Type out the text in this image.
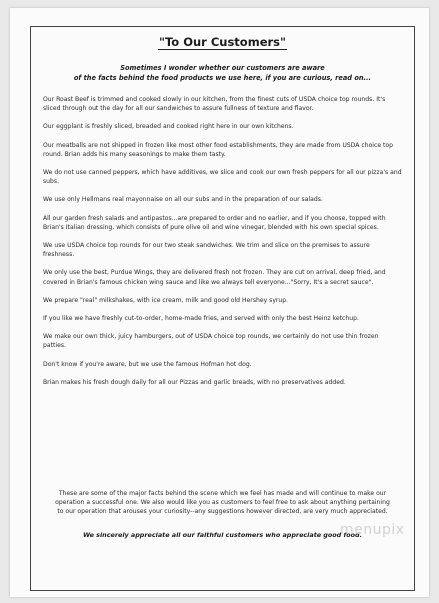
"To Our Customers"
Sometimes I wonder whether our customers are aware
of the facts behind the food products we use here, if you are curious, read on...

Our Roast Beef is trimmed and cooked slowly in our kitchen, from the finest cuts of USDA choice top rounds. It's sliced through out the day for all our sandwiches to assure fullness of texture and flavor.

Our eggplant is freshly sliced, breaded and cooked right here in our own kitchens.

Our meatballs are not shipped in frozen like most other food establishments, they are made from USDA choice top round. Brian adds his many seasonings to make them tasty.

We do not use canned peppers, which have additives, we slice and cook our own fresh peppers for all our pizza's and subs.

We use only Hellmans real mayonnaise on all our subs and in the preparation of our salads.

All our garden fresh salads and antipastos...are prepared to order and no earlier, and if you choose, topped with Brian's Italian dressing, which consists of pure olive oil and wine vinegar, blended with his own special spices.

We use USDA choice top rounds for our two steak sandwiches. We trim and slice on the premises to assure freshness.

We only use the best, Purdue Wings, they are delivered fresh not frozen. They are cut on arrival, deep fried, and covered in Brian's famous chicken wing sauce and like we always tell everyone..."Sorry, It's a secret sauce".

We prepare "real" milkshakes, with ice cream, milk and good old Hershey syrup.

If you like we have freshly cut-to-order, home-made fries, and served with only the best Heinz ketchup.

We make our own thick, juicy hamburgers, out of USDA choice top rounds, we certainly do not use thin frozen patties.

Don't know if you're aware, but we use the famous Hofman hot dog.

Brian makes his fresh dough daily for all our Pizzas and garlic breads, with no preservatives added.

These are some of the major facts behind the scene which we feel has made and will continue to make our operation a successful one. We also would like you as customers to feel free to ask about anything pertaining to our operation that arouses your curiosity--any suggestions however directed, are very much appreciated.

We sincerely appreciate all our faithful customers who appreciate good food.
menupix
